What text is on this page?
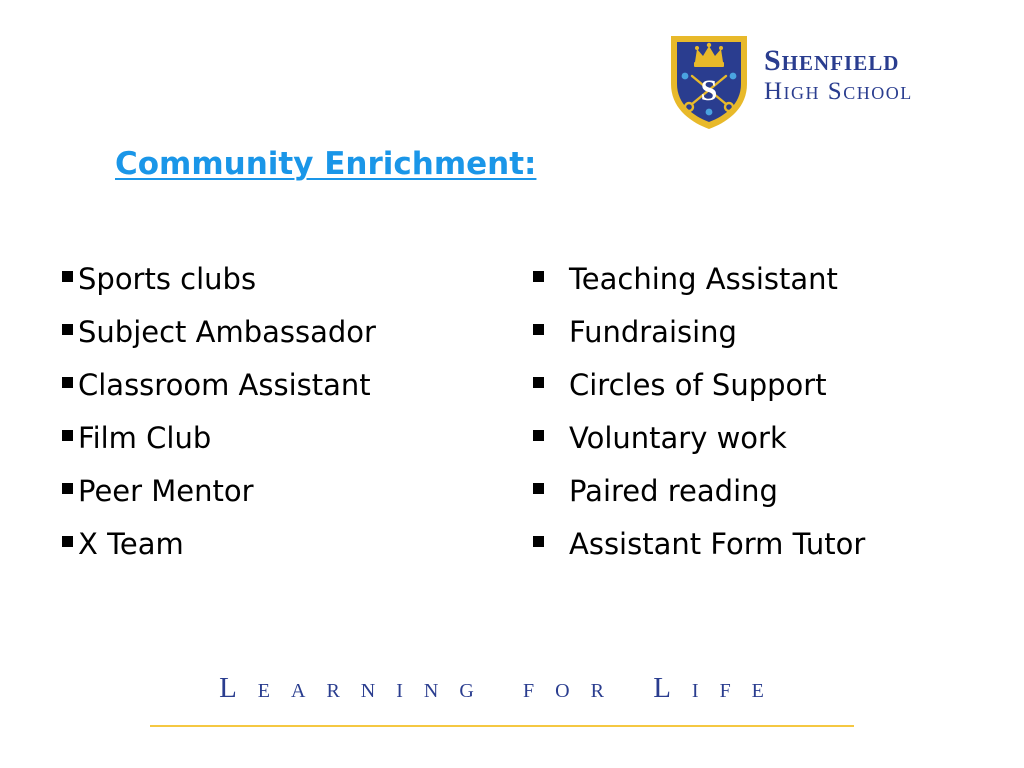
S
Shenfield
High School
Community Enrichment:
Sports clubs
Subject Ambassador
Classroom Assistant
Film Club
Peer Mentor
X Team
Teaching Assistant
Fundraising
Circles of Support
Voluntary work
Paired reading
Assistant Form Tutor
Learning for Life
